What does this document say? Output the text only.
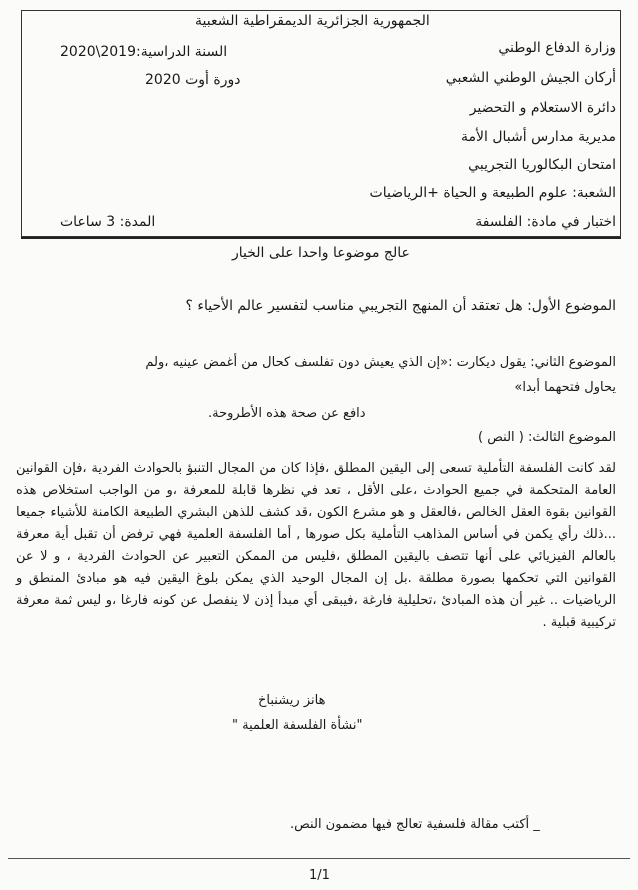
الجمهورية الجزائرية الديمقراطية الشعبية
وزارة الدفاع الوطني
السنة الدراسية:2019\2020
أركان الجيش الوطني الشعبي
دورة أوت 2020
دائرة الاستعلام و التحضير
مديرية مدارس أشبال الأمة
امتحان البكالوريا التجريبي
الشعبة: علوم الطبيعة و الحياة +الرياضيات
اختبار في مادة: الفلسفة
المدة: 3 ساعات
عالج موضوعا واحدا على الخيار
الموضوع الأول: هل تعتقد أن المنهج التجريبي مناسب لتفسير عالم الأحياء ؟
الموضوع الثاني: يقول ديكارت :«إن الذي يعيش دون تفلسف كحال من أغمض عينيه ،ولم
يحاول فتحهما أبدا»
دافع عن صحة هذه الأطروحة.
الموضوع الثالث: ( النص )
لقد كانت الفلسفة التأملية تسعى إلى اليقين المطلق ،فإذا كان من المجال التنبؤ بالحوادث الفردية ،فإن القوانين العامة المتحكمة في جميع الحوادث ،على الأقل ، تعد في نظرها قابلة للمعرفة ،و من الواجب استخلاص هذه القوانين بقوة العقل الخالص ،فالعقل و هو مشرع الكون ،قد كشف للذهن البشري الطبيعة الكامنة للأشياء جميعا ...ذلك رأي يكمن في أساس المذاهب التأملية بكل صورها , أما الفلسفة العلمية فهي ترفض أن تقبل أية معرفة بالعالم الفيزيائي على أنها تتصف باليقين المطلق ،فليس من الممكن التعبير عن الحوادث الفردية ، و لا عن القوانين التي تحكمها بصورة مطلقة .بل إن المجال الوحيد الذي يمكن بلوغ اليقين فيه هو مبادئ المنطق و الرياضيات .. غير أن هذه المبادئ ،تحليلية فارغة ،فيبقى أي مبدأ إذن لا ينفصل عن كونه فارغا ،و ليس ثمة معرفة تركيبية قبلية .
هانز ريشنباخ
"نشأة الفلسفة العلمية "
_ أكتب مقالة فلسفية تعالج فيها مضمون النص.
1/1
